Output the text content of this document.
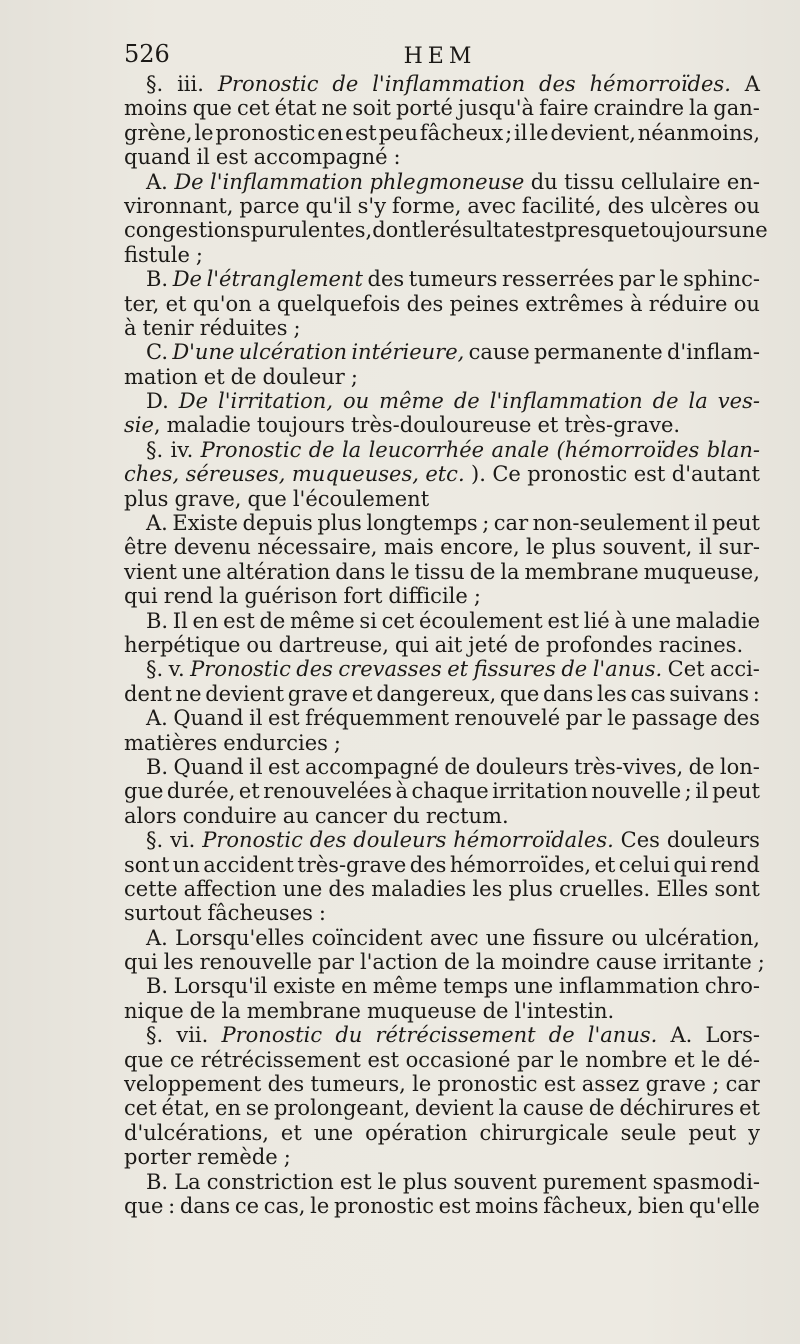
526	HEM
§. iii. Pronostic de l'inflammation des hémorroïdes. A
moins que cet état ne soit porté jusqu'à faire craindre la gan-
grène, le pronostic en est peu fâcheux ; il le devient, néanmoins,
quand il est accompagné :
A. De l'inflammation phlegmoneuse du tissu cellulaire en-
vironnant, parce qu'il s'y forme, avec facilité, des ulcères ou
congestions purulentes, dont le résultat est presque toujours une
fistule ;
B. De l'étranglement des tumeurs resserrées par le sphinc-
ter, et qu'on a quelquefois des peines extrêmes à réduire ou
à tenir réduites ;
C. D'une ulcération intérieure, cause permanente d'inflam-
mation et de douleur ;
D. De l'irritation, ou même de l'inflammation de la ves-
sie, maladie toujours très-douloureuse et très-grave.
§. iv. Pronostic de la leucorrhée anale (hémorroïdes blan-
ches, séreuses, muqueuses, etc. ). Ce pronostic est d'autant
plus grave, que l'écoulement
A. Existe depuis plus longtemps ; car non-seulement il peut
être devenu nécessaire, mais encore, le plus souvent, il sur-
vient une altération dans le tissu de la membrane muqueuse,
qui rend la guérison fort difficile ;
B. Il en est de même si cet écoulement est lié à une maladie
herpétique ou dartreuse, qui ait jeté de profondes racines.
§. v. Pronostic des crevasses et fissures de l'anus. Cet acci-
dent ne devient grave et dangereux, que dans les cas suivans :
A. Quand il est fréquemment renouvelé par le passage des
matières endurcies ;
B. Quand il est accompagné de douleurs très-vives, de lon-
gue durée, et renouvelées à chaque irritation nouvelle ; il peut
alors conduire au cancer du rectum.
§. vi. Pronostic des douleurs hémorroïdales. Ces douleurs
sont un accident très-grave des hémorroïdes, et celui qui rend
cette affection une des maladies les plus cruelles. Elles sont
surtout fâcheuses :
A. Lorsqu'elles coïncident avec une fissure ou ulcération,
qui les renouvelle par l'action de la moindre cause irritante ;
B. Lorsqu'il existe en même temps une inflammation chro-
nique de la membrane muqueuse de l'intestin.
§. vii. Pronostic du rétrécissement de l'anus. A. Lors-
que ce rétrécissement est occasioné par le nombre et le dé-
veloppement des tumeurs, le pronostic est assez grave ; car
cet état, en se prolongeant, devient la cause de déchirures et
d'ulcérations, et une opération chirurgicale seule peut y
porter remède ;
B. La constriction est le plus souvent purement spasmodi-
que : dans ce cas, le pronostic est moins fâcheux, bien qu'elle
